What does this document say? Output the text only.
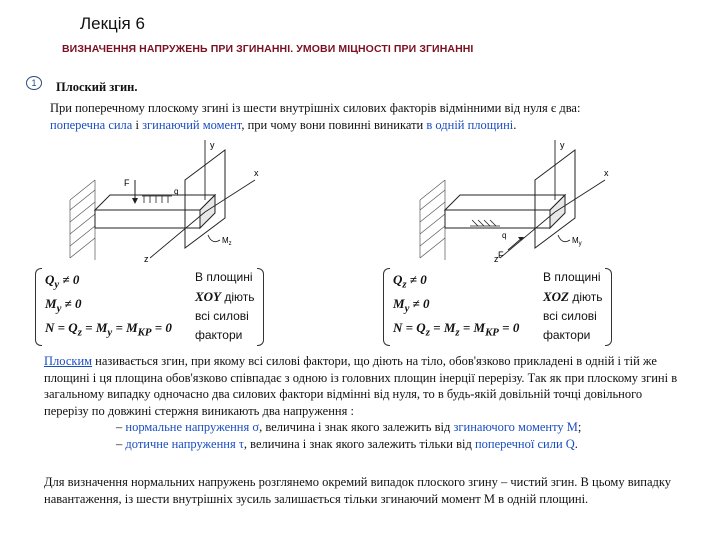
Лекція 6
ВИЗНАЧЕННЯ НАПРУЖЕНЬ ПРИ ЗГИНАННІ. УМОВИ МІЦНОСТІ ПРИ ЗГИНАННІ
1	Плоский згин.
При поперечному плоскому згині із шести внутрішніх силових факторів відмінними від нуля є два:
поперечна сила і згинаючий момент, при чому вони повинні виникати в одній площині.
y
x
z
F
q
$M_z$
y
x
z
q
F
$M_y$
$Q_y \ne 0$
$M_y \ne 0$
$N = Q_z = M_y = M_{KP} = 0$
В площині
XOY діють
всі силові
фактори
$Q_z \ne 0$
$M_y \ne 0$
$N = Q_z = M_z = M_{KP} = 0$
В площині
XOZ діють
всі силові
фактори
Плоским називається згин, при якому всі силові фактори, що діють на тіло, обов'язково прикладені в одній і тій же площині і ця площина обов'язково співпадає з одною із головних площин інерції перерізу. Так як при плоскому згині в загальному випадку одночасно два силових фактори відмінні від нуля, то в будь-якій довільній точці довільного перерізу по довжині стержня виникають два напруження :
– нормальне напруження σ, величина і знак якого залежить від згинаючого моменту M;
– дотичне напруження τ, величина і знак якого залежить тільки від поперечної сили Q.
Для визначення нормальних напружень розглянемо окремий випадок плоского згину – чистий згин. В цьому випадку навантаження, із шести внутрішніх зусиль залишається тільки згинаючий момент M в одній площині.
